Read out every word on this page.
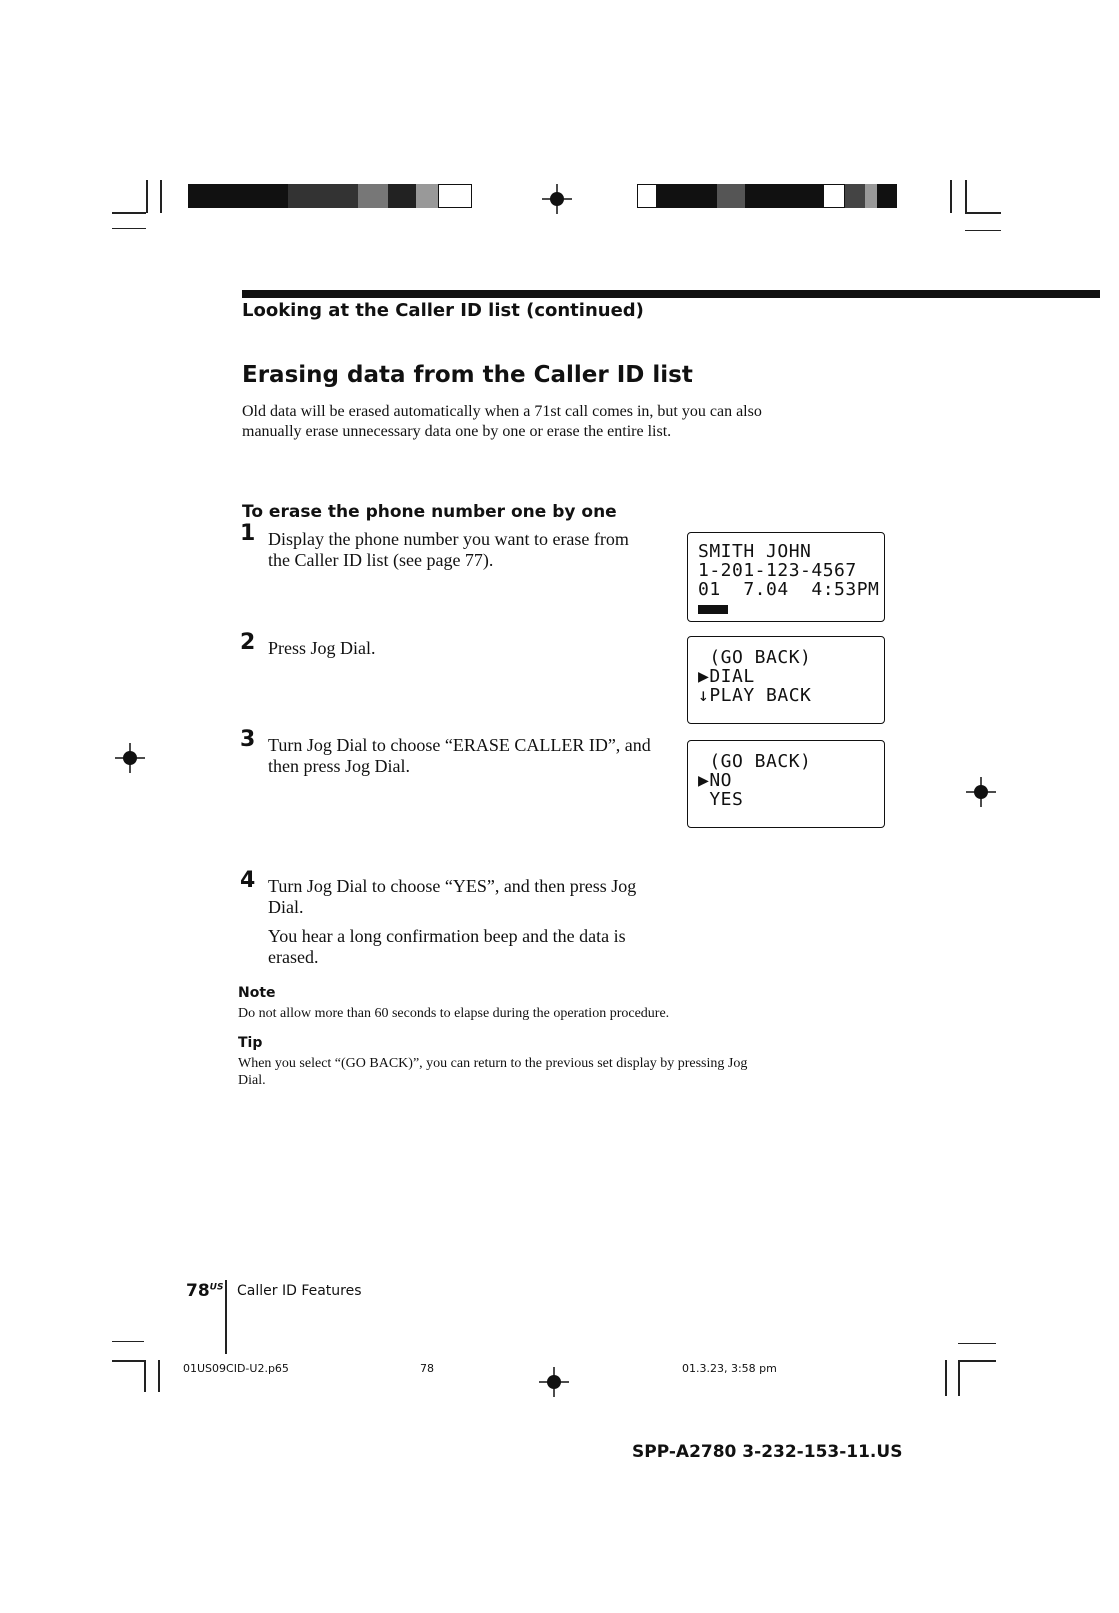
Looking at the Caller ID list (continued)
Erasing data from the Caller ID list
Old data will be erased automatically when a 71st call comes in, but you can also manually erase unnecessary data one by one or erase the entire list.
To erase the phone number one by one
1 Display the phone number you want to erase from the Caller ID list (see page 77).
2 Press Jog Dial.
3 Turn Jog Dial to choose “ERASE CALLER ID”, and then press Jog Dial.
4 Turn Jog Dial to choose “YES”, and then press Jog Dial.
You hear a long confirmation beep and the data is erased.
SMITH JOHN
1-201-123-4567
01  7.04  4:53PM
(GO BACK)
▶DIAL
↓PLAY BACK
(GO BACK)
▶NO
YES
Note
Do not allow more than 60 seconds to elapse during the operation procedure.
Tip
When you select “(GO BACK)”, you can return to the previous set display by pressing Jog Dial.
$78^{US}$ Caller ID Features
01US09CID-U2.p65	78	01.3.23, 3:58 pm
SPP-A2780 3-232-153-11.US
